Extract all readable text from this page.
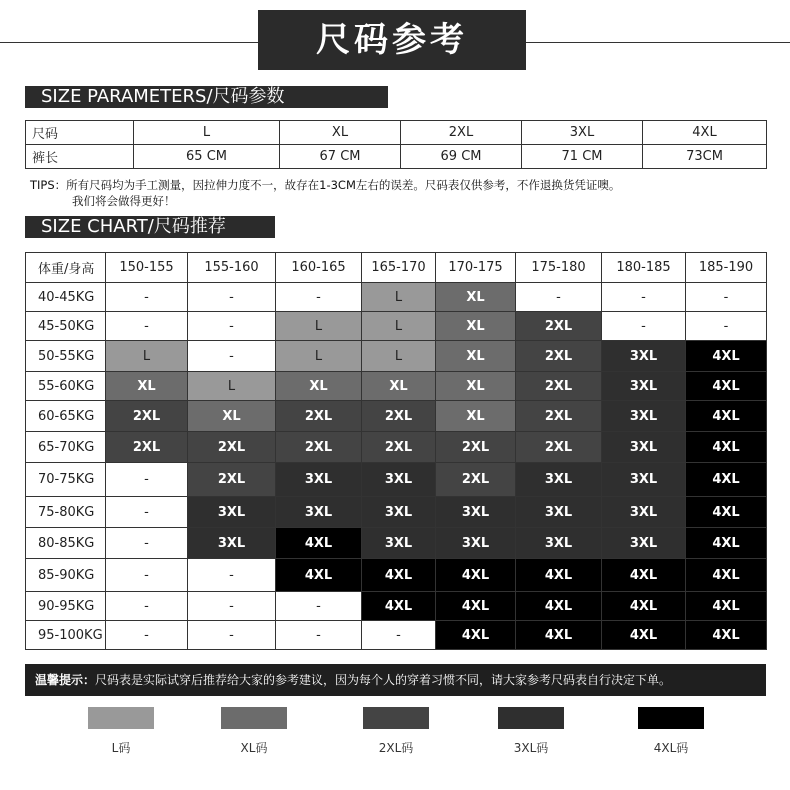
尺码参考
SIZE PARAMETERS/尺码参数
尺码	L	XL	2XL	3XL	4XL
裤长	65 CM	67 CM	69 CM	71 CM	73CM
TIPS：所有尺码均为手工测量，因拉伸力度不一，故存在1-3CM左右的误差。尺码表仅供参考，不作退换货凭证噢。
我们将会做得更好！
SIZE CHART/尺码推荐
体重/身高	150-155	155-160	160-165	165-170	170-175	175-180	180-185	185-190
40-45KG	-	-	-	L	XL	-	-	-
45-50KG	-	-	L	L	XL	2XL	-	-
50-55KG	L	-	L	L	XL	2XL	3XL	4XL
55-60KG	XL	L	XL	XL	XL	2XL	3XL	4XL
60-65KG	2XL	XL	2XL	2XL	XL	2XL	3XL	4XL
65-70KG	2XL	2XL	2XL	2XL	2XL	2XL	3XL	4XL
70-75KG	-	2XL	3XL	3XL	2XL	3XL	3XL	4XL
75-80KG	-	3XL	3XL	3XL	3XL	3XL	3XL	4XL
80-85KG	-	3XL	4XL	3XL	3XL	3XL	3XL	4XL
85-90KG	-	-	4XL	4XL	4XL	4XL	4XL	4XL
90-95KG	-	-	-	4XL	4XL	4XL	4XL	4XL
95-100KG	-	-	-	-	4XL	4XL	4XL	4XL
温馨提示：尺码表是实际试穿后推荐给大家的参考建议，因为每个人的穿着习惯不同，请大家参考尺码表自行决定下单。
L码	XL码	2XL码	3XL码	4XL码
